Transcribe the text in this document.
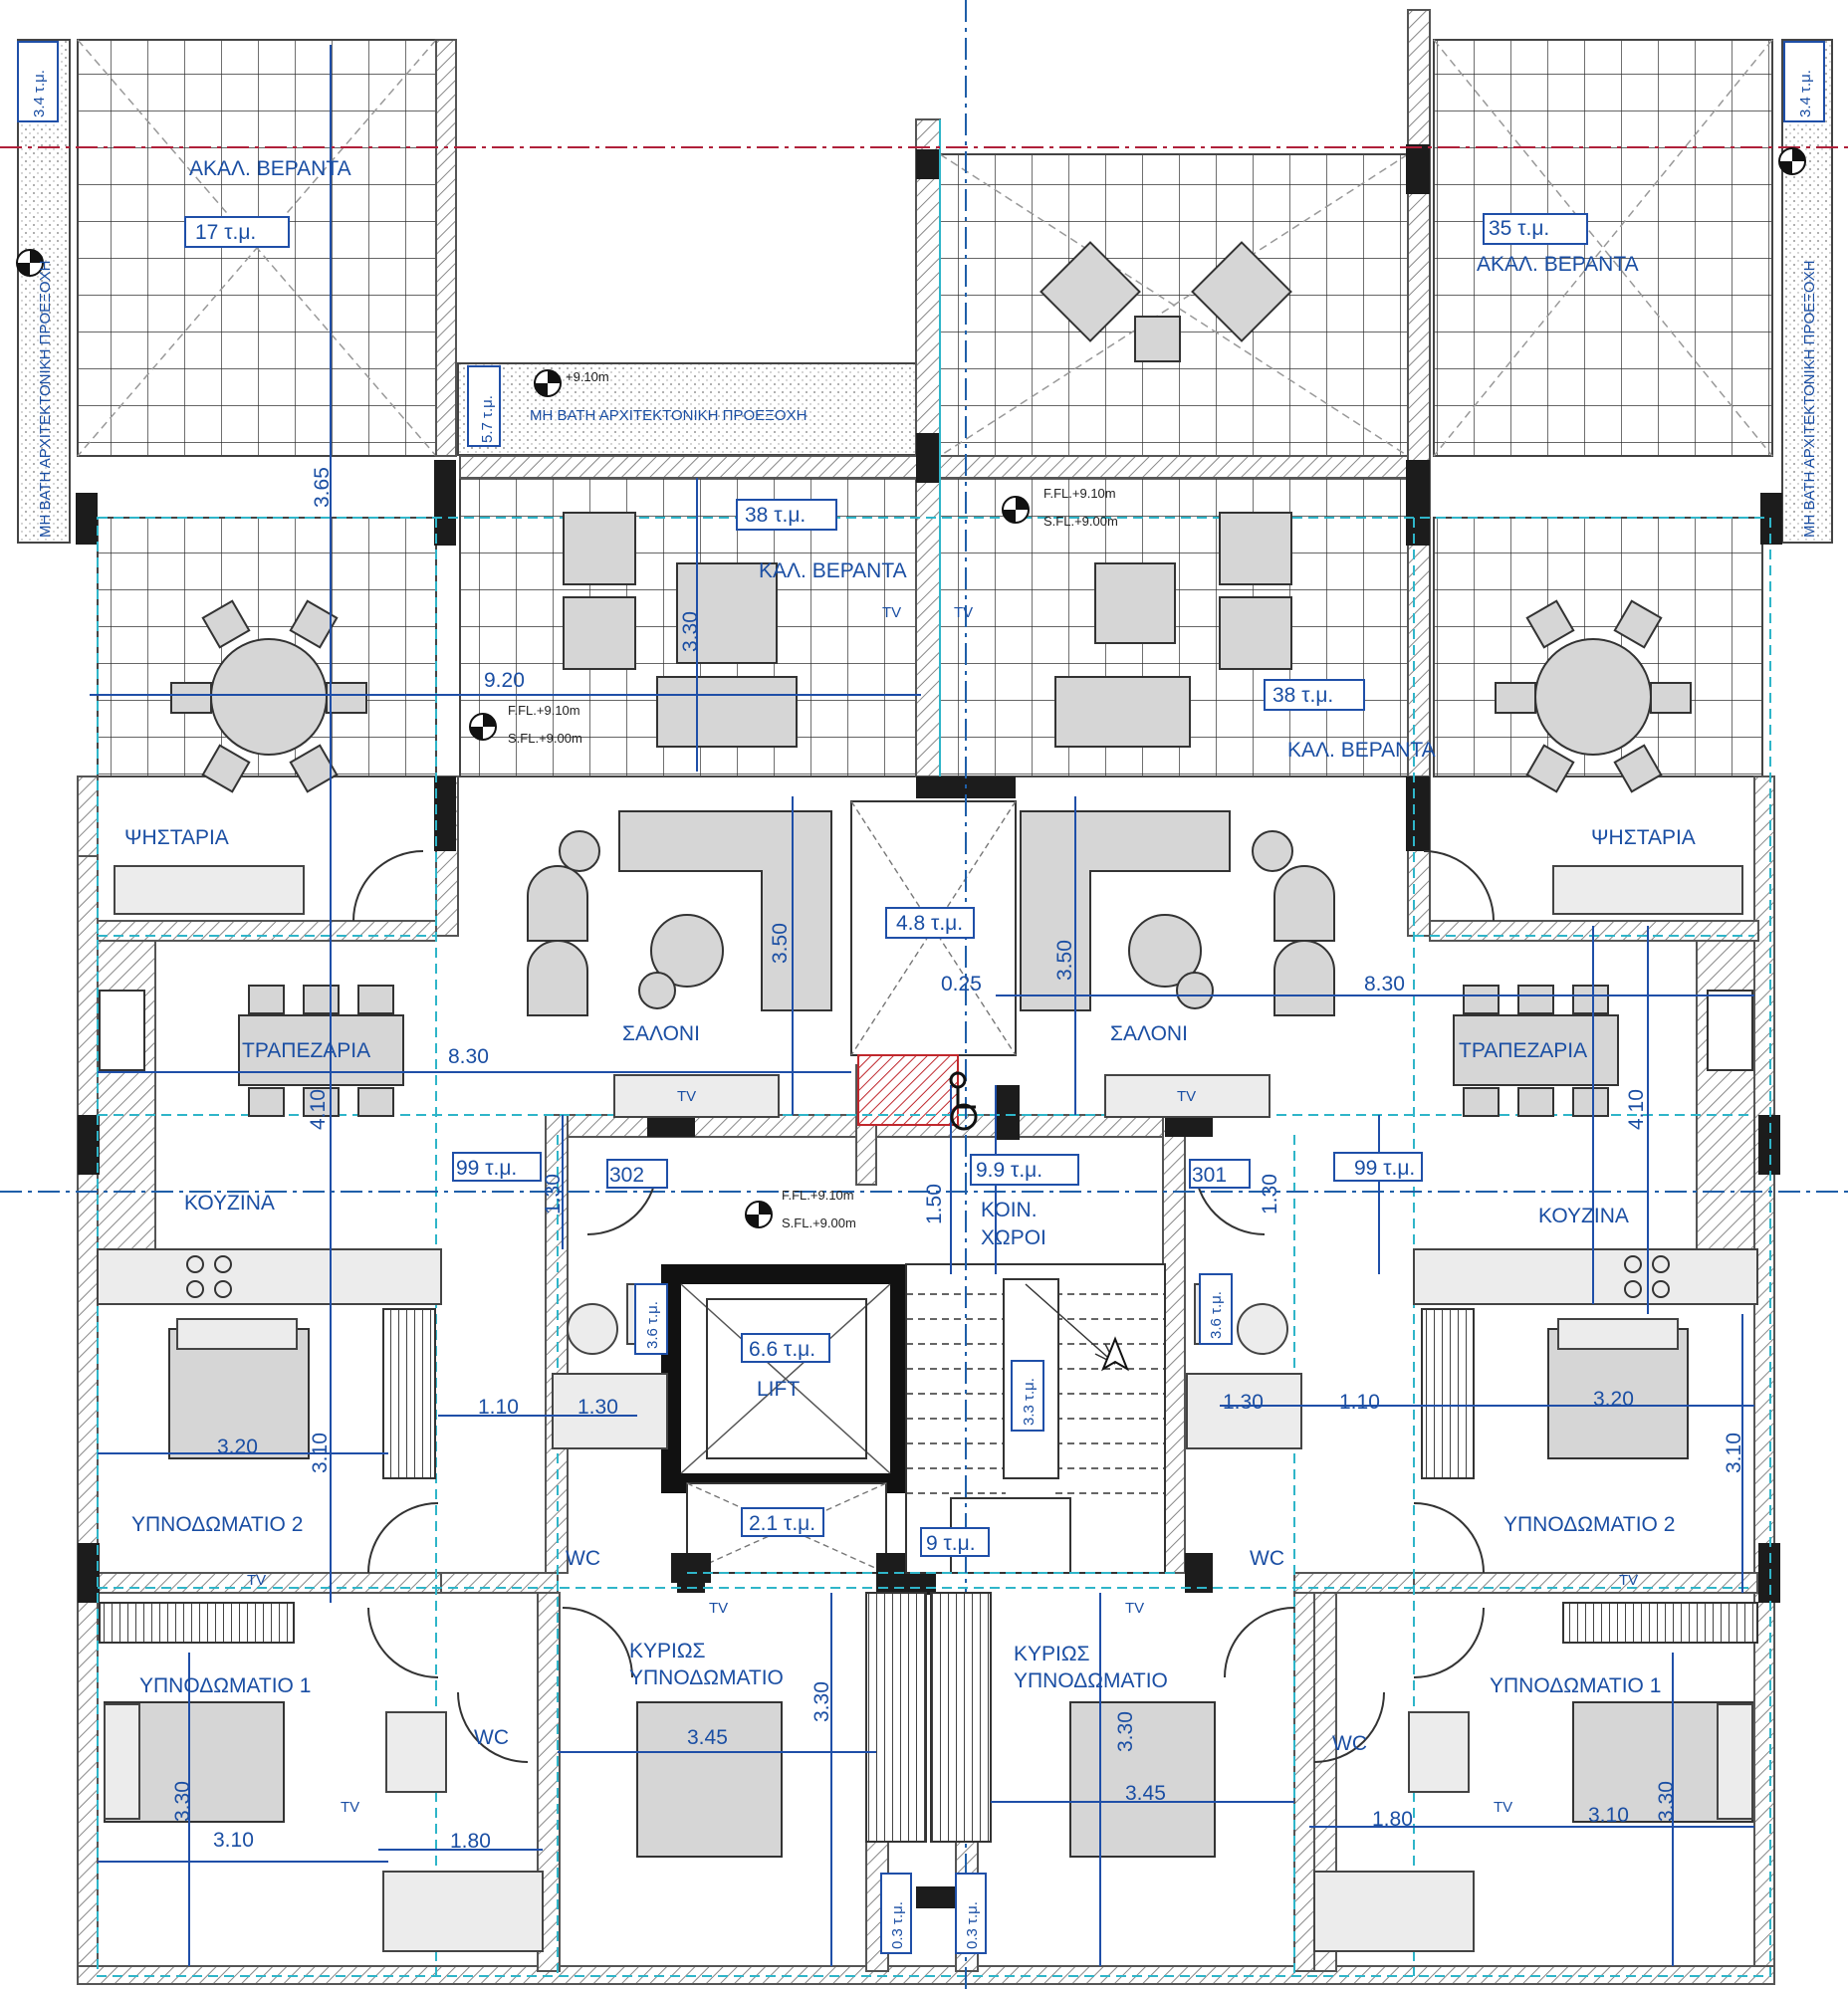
ΑΚΑΛ. ΒΕΡΑΝΤΑ
ΑΚΑΛ. ΒΕΡΑΝΤΑ
17 τ.μ.	35 τ.μ.
ΚΑΛ. ΒΕΡΑΝΤΑ
ΚΑΛ. ΒΕΡΑΝΤΑ
38 τ.μ.
38 τ.μ.
ΨΗΣΤΑΡΙΑ	ΨΗΣΤΑΡΙΑ
ΤΡΑΠΕΖΑΡΙΑ	ΤΡΑΠΕΖΑΡΙΑ
ΣΑΛΟΝΙ	ΣΑΛΟΝΙ
ΚΟΥΖΙΝΑ
ΚΟΥΖΙΝΑ
ΥΠΝΟΔΩΜΑΤΙΟ 2	ΥΠΝΟΔΩΜΑΤΙΟ 2
ΥΠΝΟΔΩΜΑΤΙΟ 1	ΥΠΝΟΔΩΜΑΤΙΟ 1
ΚΥΡΙΩΣ
ΥΠΝΟΔΩΜΑΤΙΟ
ΚΥΡΙΩΣ
ΥΠΝΟΔΩΜΑΤΙΟ
WC	WC
WC	WC
ΚΟΙΝ.
ΧΩΡΟΙ
LIFT
TV	TV
TV	TV
TV	TV
TV	TV
TV	TV
4.8 τ.μ.
99 τ.μ.	99 τ.μ.
9.9 τ.μ.
6.6 τ.μ.
2.1 τ.μ.
9 τ.μ.
302	301
3.4 τ.μ.	3.4 τ.μ.
5.7 τ.μ.
3.6 τ.μ.	3.6 τ.μ.
3.3 τ.μ.
0.3 τ.μ.	0.3 τ.μ.
ΜΗ ΒΑΤΗ ΑΡΧΙΤΕΚΤΟΝΙΚΗ ΠΡΟΕΞΟΧΗ
ΜΗ ΒΑΤΗ ΑΡΧΙΤΕΚΤΟΝΙΚΗ ΠΡΟΕΞΟΧΗ	ΜΗ ΒΑΤΗ ΑΡΧΙΤΕΚΤΟΝΙΚΗ ΠΡΟΕΞΟΧΗ
+9.10m
F.FL.+9.10m
S.FL.+9.00m
F.FL.+9.10m
S.FL.+9.00m
F.FL.+9.10m
S.FL.+9.00m
9.20
8.30
8.30
0.25
1.10	1.10
1.30	1.30
3.20
3.20
3.10
3.10
3.45
3.45
1.80
1.80
3.65
3.30
3.50	3.50
4.10	4.10
1.30	1.30
1.50
3.10	3.10
3.30	3.30
3.30
3.30
